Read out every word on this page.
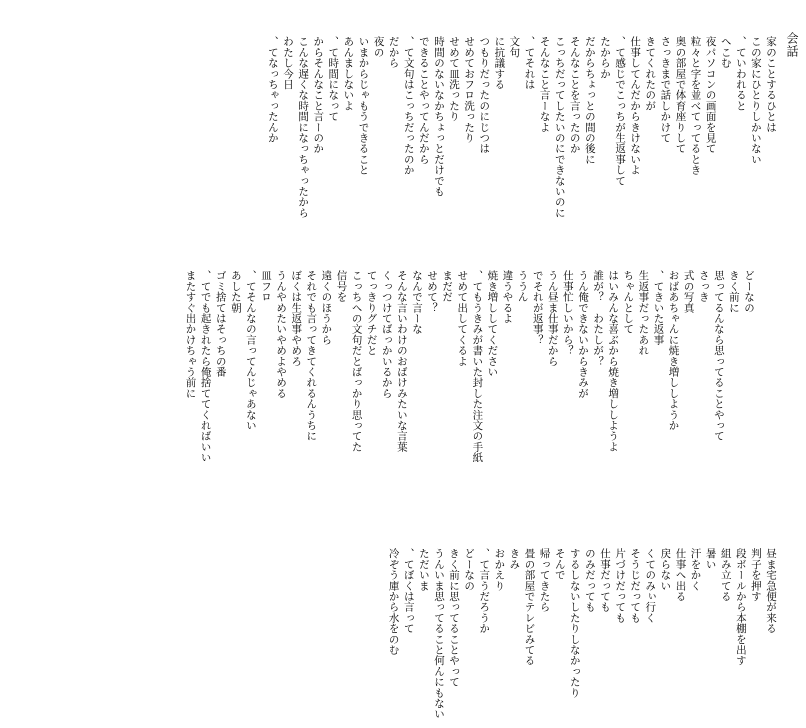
会話
家のことするひとは
この家にひとりしかいない
、ていわれると
へこむ
夜パソコンの画面を見て
粒々と字を並べてってるとき
奥の部屋で体育座りして
さっきまで話しかけて
きてくれたのが
仕事してんだからきけないよ
、て感じでこっちが生返事して
たからか
だからちょっとの間の後に
そんなことを言ったのか
こっちだってしたいのにできないのに
そんなこと言ーなよ
、てそれは
文句
に抗議する
つもりだったのにじつは
せめておフロ洗ったり
せめて皿洗ったり
時間のないなかちょっとだけでも
できることやってんだから
、て文句はこっちだったのか
だから
夜の
いまからじゃもうできること
あんましないよ
、て時間になって
からそんなこと言ーのか
こんな遅くな時間になっちゃったから
わたし今日
、てなっちゃったんか
どーなの
きく前に
思ってるんなら思ってることやって
さっき
式の写真
おばあちゃんに焼き増ししようか
、てきいた返事
生返事だったあれ
ちゃんとして
はいみんな喜ぶから焼き増ししようよ
誰が？　わたしが？
うん俺できないからきみが
仕事忙しいから？
うん昼ま仕事だから
でそれが返事？
ううん
違うやるよ
焼き増ししてください
、てもうきみが書いた封した注文の手紙
せめて出してくるよ
まだだ
せめて？
なんで言ーな
そんな言いわけのおばけみたいな言葉
くっつけてばっかいるから
てっきりグチだと
こっちへの文句だとばっかり思ってた
信号を
遠くのほうから
それでも言ってきてくれるんうちに
ぼくは生返事やめろ
うんやめたいやめよやめる
皿フロ
、てそんなの言ってんじゃあない
あした朝
ゴミ捨てはそっちの番
、てでも起きれたら俺捨ててくればいい
またすぐ出かけちゃう前に
昼ま宅急便が来る
判子を押す
段ボールから本棚を出す
組み立てる
暑い
汗をかく
仕事へ出る
戻らない
くてのみぃ行く
そうじだっても
片づけだっても
仕事だっても
のみだっても
するしないしたりしなかったり
そんで
帰ってきたら
畳の部屋でテレビみてる
きみ
おかえり
、て言うだろうか
どーなの
きく前に思ってることやって
うんいま思ってること何んにもない
ただいま
、てぼくは言って
冷ぞう庫から水をのむ
